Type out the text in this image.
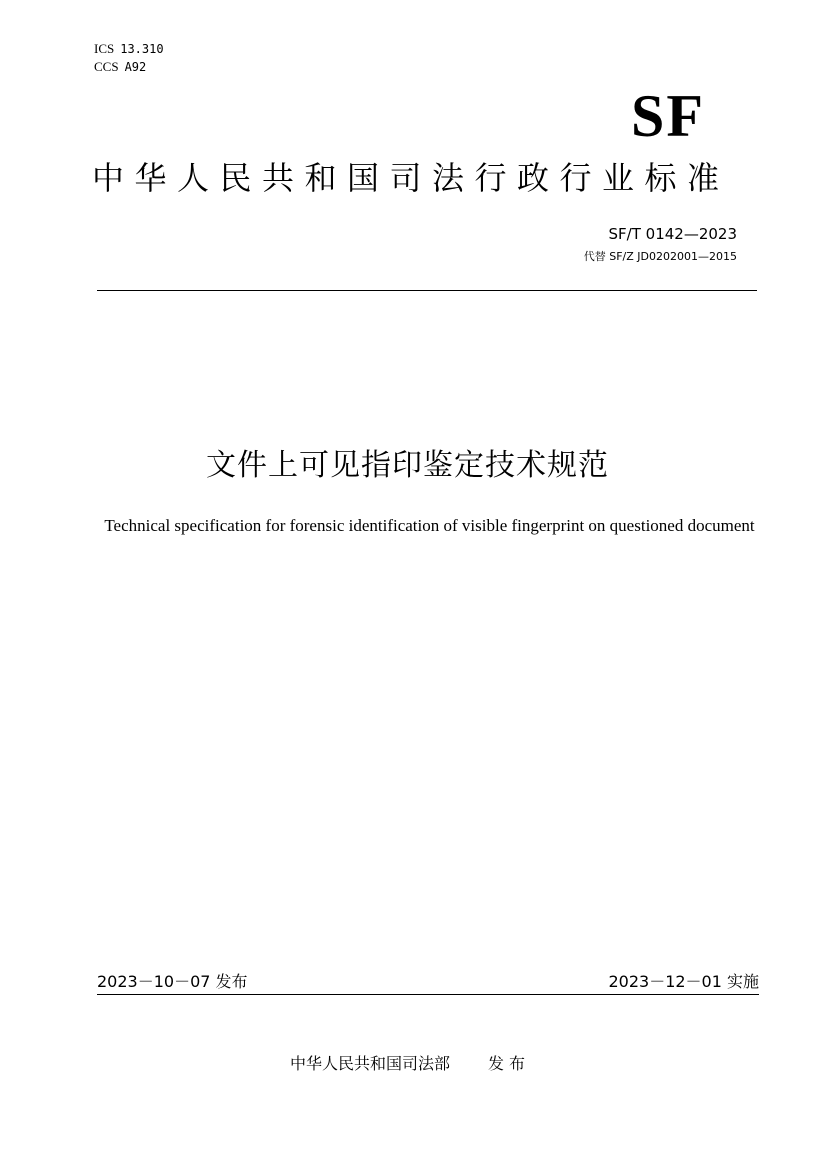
ICS 13.310
CCS A92
SF
中华人民共和国司法行政行业标准
SF/T 0142—2023
代替 SF/Z JD0202001—2015
文件上可见指印鉴定技术规范
Technical specification for forensic identification of visible fingerprint on questioned document
2023－10－07 发布	2023－12－01 实施
中华人民共和国司法部 发 布
